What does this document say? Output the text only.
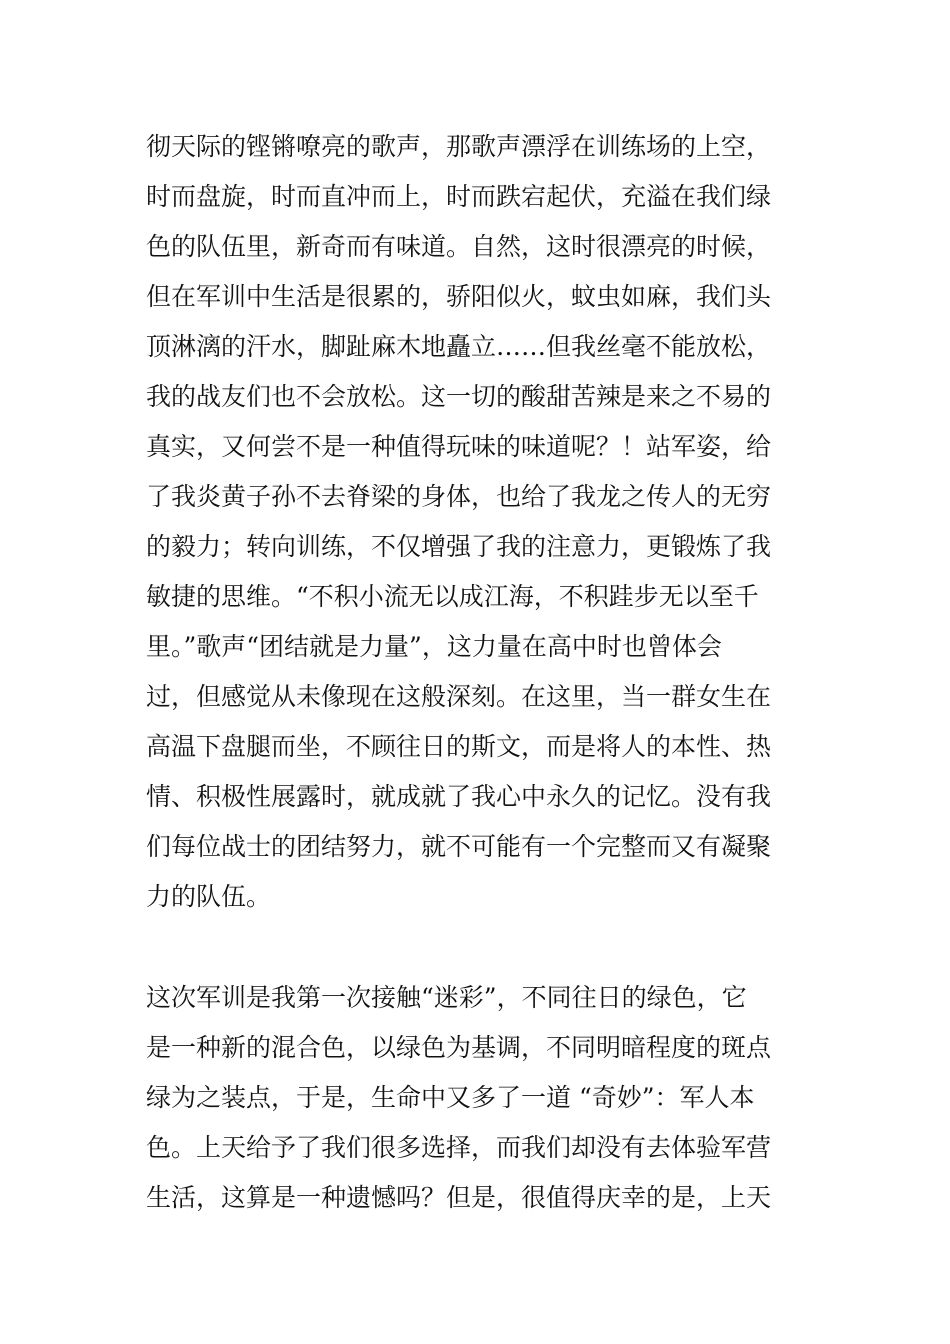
彻天际的铿锵嘹亮的歌声，那歌声漂浮在训练场的上空，
时而盘旋，时而直冲而上，时而跌宕起伏，充溢在我们绿
色的队伍里，新奇而有味道。自然，这时很漂亮的时候，
但在军训中生活是很累的，骄阳似火，蚊虫如麻，我们头
顶淋漓的汗水，脚趾麻木地矗立……但我丝毫不能放松，
我的战友们也不会放松。这一切的酸甜苦辣是来之不易的
真实，又何尝不是一种值得玩味的味道呢？！站军姿，给
了我炎黄子孙不去脊梁的身体，也给了我龙之传人的无穷
的毅力；转向训练，不仅增强了我的注意力，更锻炼了我
敏捷的思维。“不积小流无以成江海，不积跬步无以至千
里。”歌声“团结就是力量”，这力量在高中时也曾体会
过，但感觉从未像现在这般深刻。在这里，当一群女生在
高温下盘腿而坐，不顾往日的斯文，而是将人的本性、热
情、积极性展露时，就成就了我心中永久的记忆。没有我
们每位战士的团结努力，就不可能有一个完整而又有凝聚
力的队伍。
这次军训是我第一次接触“迷彩”，不同往日的绿色，它
是一种新的混合色，以绿色为基调，不同明暗程度的斑点
绿为之装点，于是，生命中又多了一道 “奇妙”：军人本
色。上天给予了我们很多选择，而我们却没有去体验军营
生活，这算是一种遗憾吗？但是，很值得庆幸的是，上天
